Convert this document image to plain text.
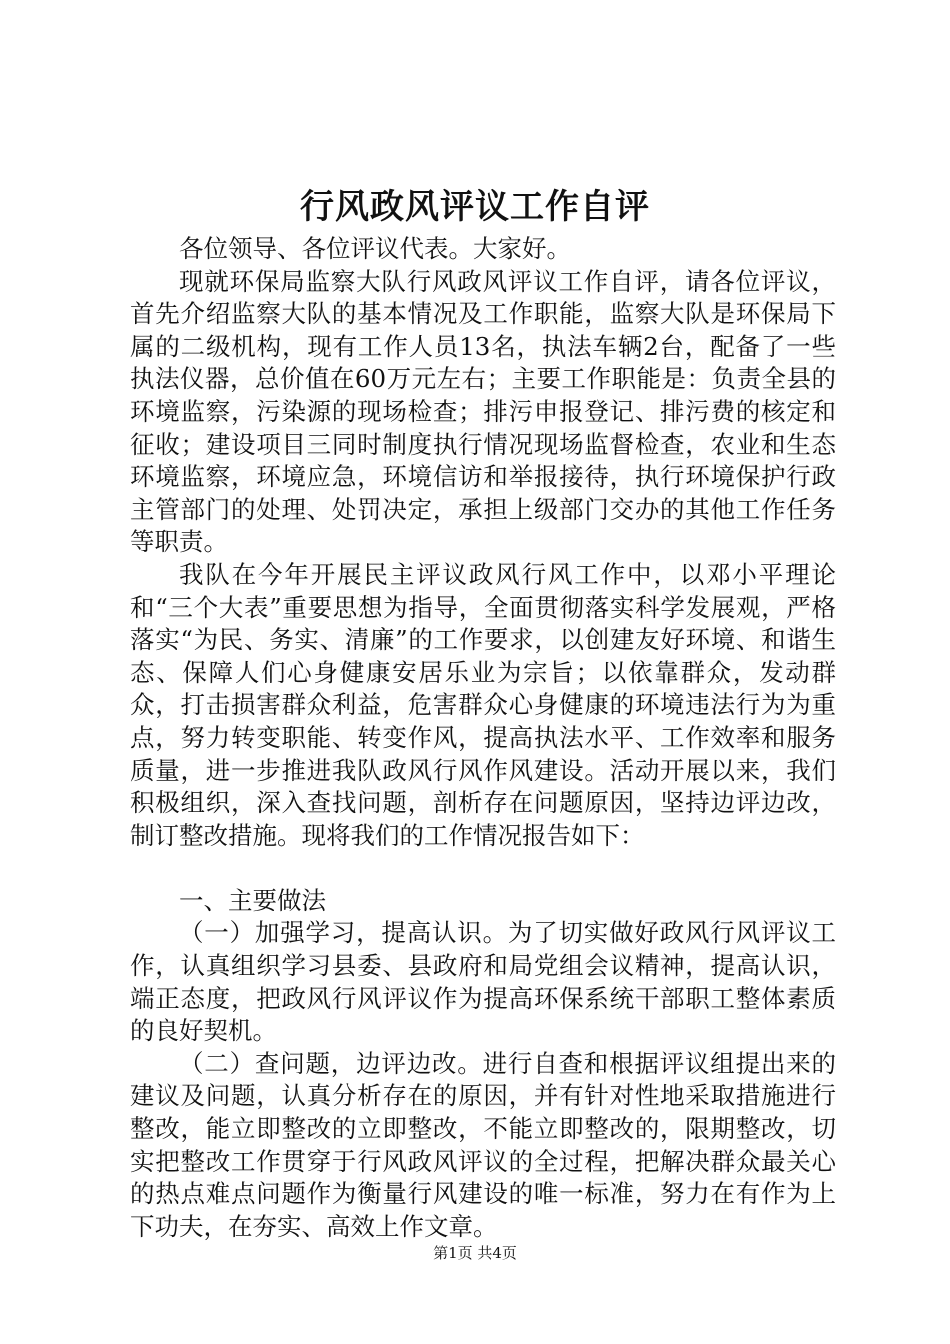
行风政风评议工作自评

各位领导、各位评议代表。大家好。

现就环保局监察大队行风政风评议工作自评，请各位评议，首先介绍监察大队的基本情况及工作职能，监察大队是环保局下属的二级机构，现有工作人员13名，执法车辆2台，配备了一些执法仪器，总价值在60万元左右；主要工作职能是：负责全县的环境监察，污染源的现场检查；排污申报登记、排污费的核定和征收；建设项目三同时制度执行情况现场监督检查，农业和生态环境监察，环境应急，环境信访和举报接待，执行环境保护行政主管部门的处理、处罚决定，承担上级部门交办的其他工作任务等职责。

我队在今年开展民主评议政风行风工作中，以邓小平理论和“三个大表”重要思想为指导，全面贯彻落实科学发展观，严格落实“为民、务实、清廉”的工作要求，以创建友好环境、和谐生态、保障人们心身健康安居乐业为宗旨；以依靠群众，发动群众，打击损害群众利益，危害群众心身健康的环境违法行为为重点，努力转变职能、转变作风，提高执法水平、工作效率和服务质量，进一步推进我队政风行风作风建设。活动开展以来，我们积极组织，深入查找问题，剖析存在问题原因，坚持边评边改，制订整改措施。现将我们的工作情况报告如下：

一、主要做法

（一）加强学习，提高认识。为了切实做好政风行风评议工作，认真组织学习县委、县政府和局党组会议精神，提高认识，端正态度，把政风行风评议作为提高环保系统干部职工整体素质的良好契机。

（二）查问题，边评边改。进行自查和根据评议组提出来的建议及问题，认真分析存在的原因，并有针对性地采取措施进行整改，能立即整改的立即整改，不能立即整改的，限期整改，切实把整改工作贯穿于行风政风评议的全过程，把解决群众最关心的热点难点问题作为衡量行风建设的唯一标准，努力在有作为上下功夫，在夯实、高效上作文章。

第1页 共4页
